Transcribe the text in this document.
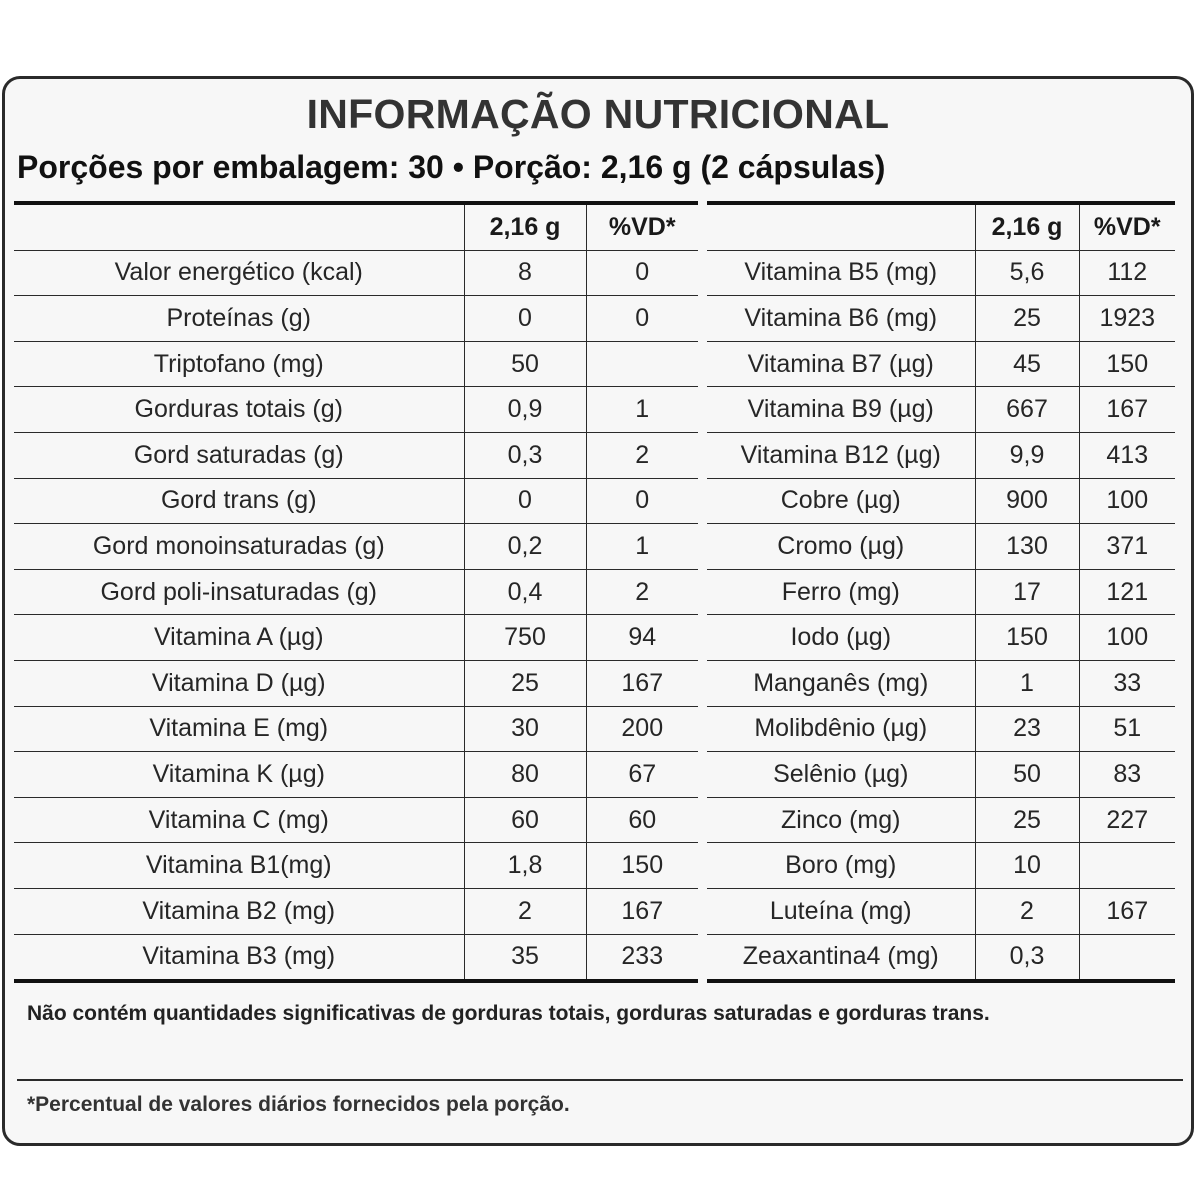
INFORMAÇÃO NUTRICIONAL
Porções por embalagem: 30 • Porção: 2,16 g (2 cápsulas)
	2,16 g	%VD*
Valor energético (kcal)	8	0
Proteínas (g)	0	0
Triptofano (mg)	50	
Gorduras totais (g)	0,9	1
Gord saturadas (g)	0,3	2
Gord trans (g)	0	0
Gord monoinsaturadas (g)	0,2	1
Gord poli-insaturadas (g)	0,4	2
Vitamina A (µg)	750	94
Vitamina D (µg)	25	167
Vitamina E (mg)	30	200
Vitamina K (µg)	80	67
Vitamina C (mg)	60	60
Vitamina B1(mg)	1,8	150
Vitamina B2 (mg)	2	167
Vitamina B3 (mg)	35	233
	2,16 g	%VD*
Vitamina B5 (mg)	5,6	112
Vitamina B6 (mg)	25	1923
Vitamina B7 (µg)	45	150
Vitamina B9 (µg)	667	167
Vitamina B12 (µg)	9,9	413
Cobre (µg)	900	100
Cromo (µg)	130	371
Ferro (mg)	17	121
Iodo (µg)	150	100
Manganês (mg)	1	33
Molibdênio (µg)	23	51
Selênio (µg)	50	83
Zinco (mg)	25	227
Boro (mg)	10	
Luteína (mg)	2	167
Zeaxantina4 (mg)	0,3	
Não contém quantidades significativas de gorduras totais, gorduras saturadas e gorduras trans.
*Percentual de valores diários fornecidos pela porção.
